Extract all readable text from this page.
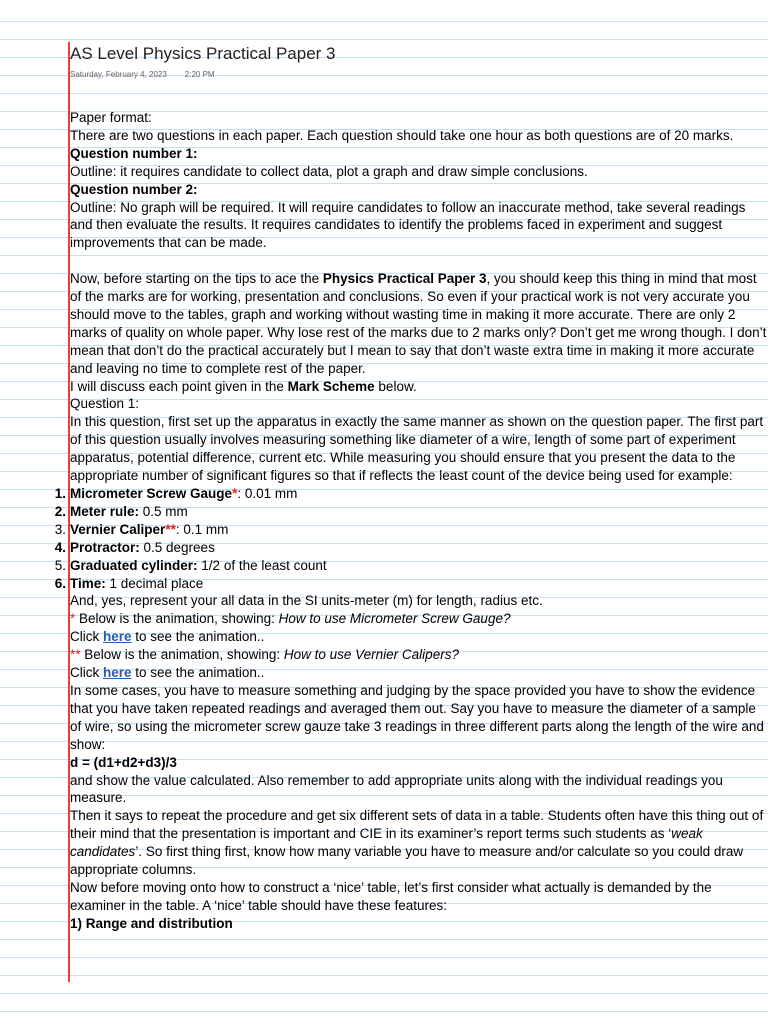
AS Level Physics Practical Paper 3
Saturday, February 4, 2023 2:20 PM

Paper format:

There are two questions in each paper. Each question should take one hour as both questions are of 20 marks.

Question number 1:

Outline: it requires candidate to collect data, plot a graph and draw simple conclusions.

Question number 2:

Outline: No graph will be required. It will require candidates to follow an inaccurate method, take several readings and then evaluate the results. It requires candidates to identify the problems faced in experiment and suggest improvements that can be made.

Now, before starting on the tips to ace the Physics Practical Paper 3, you should keep this thing in mind that most of the marks are for working, presentation and conclusions. So even if your practical work is not very accurate you should move to the tables, graph and working without wasting time in making it more accurate. There are only 2 marks of quality on whole paper. Why lose rest of the marks due to 2 marks only? Don’t get me wrong though. I don’t mean that don’t do the practical accurately but I mean to say that don’t waste extra time in making it more accurate and leaving no time to complete rest of the paper.

I will discuss each point given in the Mark Scheme below.

Question 1:

In this question, first set up the apparatus in exactly the same manner as shown on the question paper. The first part of this question usually involves measuring something like diameter of a wire, length of some part of experiment apparatus, potential difference, current etc. While measuring you should ensure that you present the data to the appropriate number of significant figures so that if reflects the least count of the device being used for example:

1. Micrometer Screw Gauge*: 0.01 mm
2. Meter rule: 0.5 mm
3. Vernier Caliper**: 0.1 mm
4. Protractor: 0.5 degrees
5. Graduated cylinder: 1/2 of the least count
6. Time: 1 decimal place

And, yes, represent your all data in the SI units-meter (m) for length, radius etc.

* Below is the animation, showing: How to use Micrometer Screw Gauge?

Click here to see the animation..

** Below is the animation, showing: How to use Vernier Calipers?

Click here to see the animation..

In some cases, you have to measure something and judging by the space provided you have to show the evidence that you have taken repeated readings and averaged them out. Say you have to measure the diameter of a sample of wire, so using the micrometer screw gauze take 3 readings in three different parts along the length of the wire and show:

d = (d1+d2+d3)/3

and show the value calculated. Also remember to add appropriate units along with the individual readings you measure.

Then it says to repeat the procedure and get six different sets of data in a table. Students often have this thing out of their mind that the presentation is important and CIE in its examiner’s report terms such students as ‘weak candidates’. So first thing first, know how many variable you have to measure and/or calculate so you could draw appropriate columns.

Now before moving onto how to construct a ‘nice’ table, let’s first consider what actually is demanded by the examiner in the table. A ‘nice’ table should have these features:

1) Range and distribution
